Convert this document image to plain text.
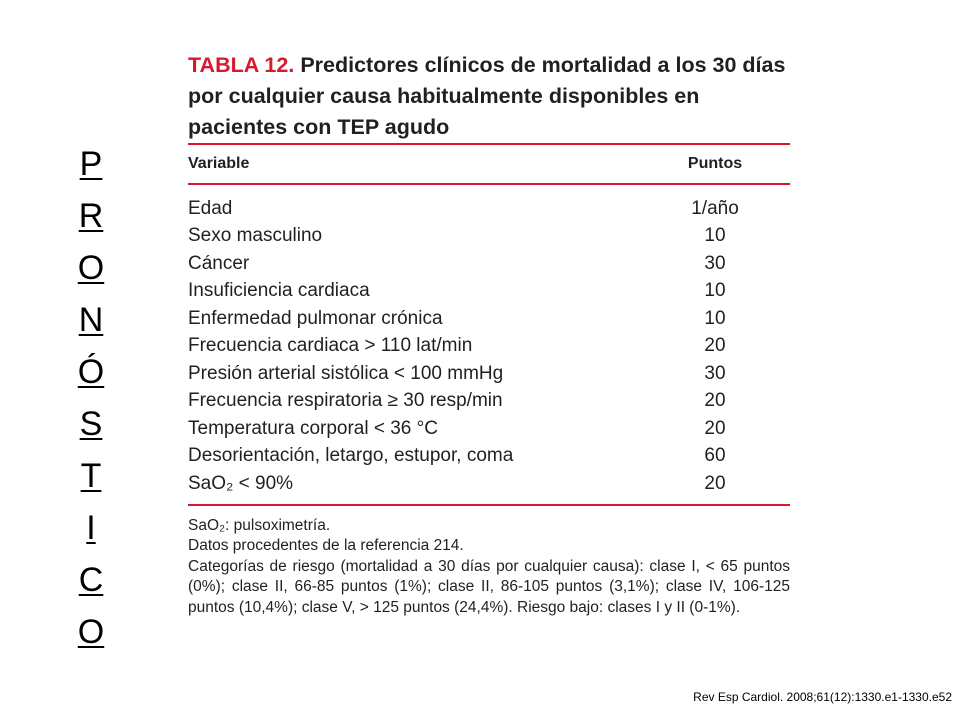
P
R
O
N
Ó
S
T
I
C
O
TABLA 12. Predictores clínicos de mortalidad a los 30 días por cualquier causa habitualmente disponibles en pacientes con TEP agudo
Variable	Puntos
Edad	1/año
Sexo masculino	10
Cáncer	30
Insuficiencia cardiaca	10
Enfermedad pulmonar crónica	10
Frecuencia cardiaca > 110 lat/min	20
Presión arterial sistólica < 100 mmHg	30
Frecuencia respiratoria ≥ 30 resp/min	20
Temperatura corporal < 36 °C	20
Desorientación, letargo, estupor, coma	60
SaO₂ < 90%	20

SaO₂: pulsoximetría.

Datos procedentes de la referencia 214.

Categorías de riesgo (mortalidad a 30 días por cualquier causa): clase I, < 65 puntos (0%); clase II, 66-85 puntos (1%); clase II, 86-105 puntos (3,1%); clase IV, 106-125 puntos (10,4%); clase V, > 125 puntos (24,4%). Riesgo bajo: clases I y II (0-1%).

Rev Esp Cardiol. 2008;61(12):1330.e1-1330.e52
